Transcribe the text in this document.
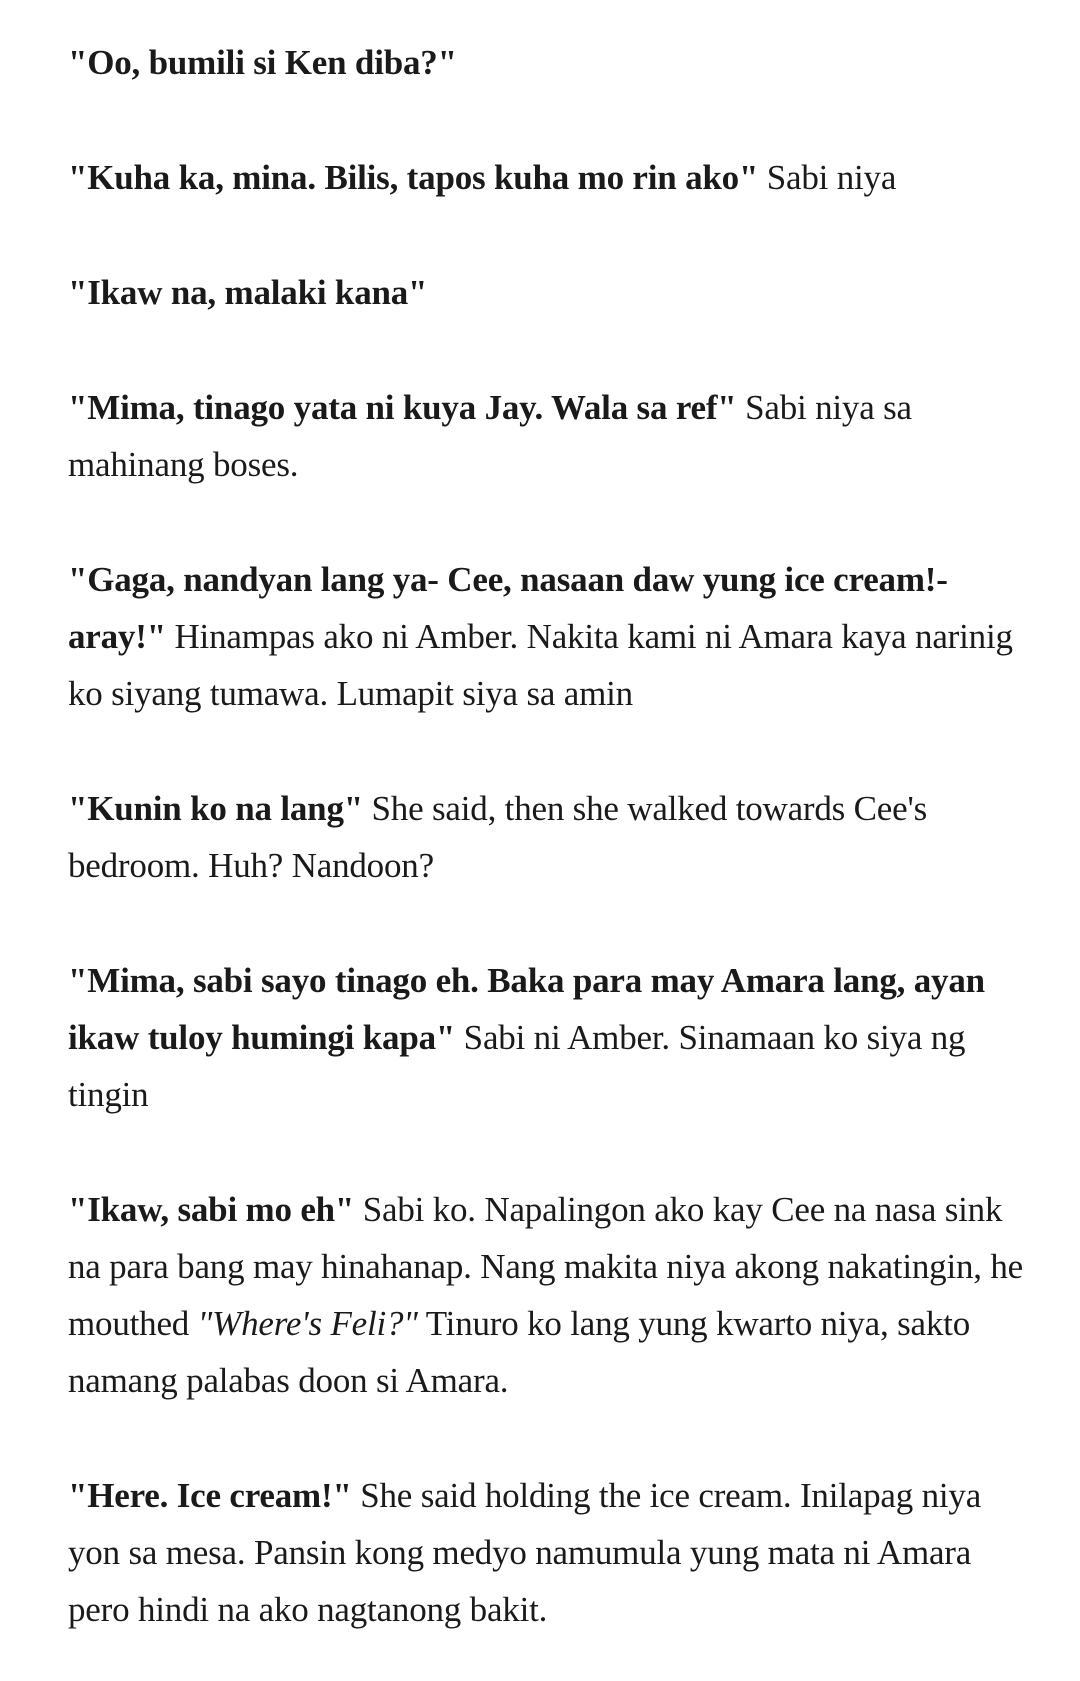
"Oo, bumili si Ken diba?"

"Kuha ka, mina. Bilis, tapos kuha mo rin ako" Sabi niya

"Ikaw na, malaki kana"

"Mima, tinago yata ni kuya Jay. Wala sa ref" Sabi niya sa mahinang boses.

"Gaga, nandyan lang ya- Cee, nasaan daw yung ice cream!- aray!" Hinampas ako ni Amber. Nakita kami ni Amara kaya narinig ko siyang tumawa. Lumapit siya sa amin

"Kunin ko na lang" She said, then she walked towards Cee's bedroom. Huh? Nandoon?

"Mima, sabi sayo tinago eh. Baka para may Amara lang, ayan ikaw tuloy humingi kapa" Sabi ni Amber. Sinamaan ko siya ng tingin

"Ikaw, sabi mo eh" Sabi ko. Napalingon ako kay Cee na nasa sink na para bang may hinahanap. Nang makita niya akong nakatingin, he mouthed "Where's Feli?" Tinuro ko lang yung kwarto niya, sakto namang palabas doon si Amara.

"Here. Ice cream!" She said holding the ice cream. Inilapag niya yon sa mesa. Pansin kong medyo namumula yung mata ni Amara pero hindi na ako nagtanong bakit.
